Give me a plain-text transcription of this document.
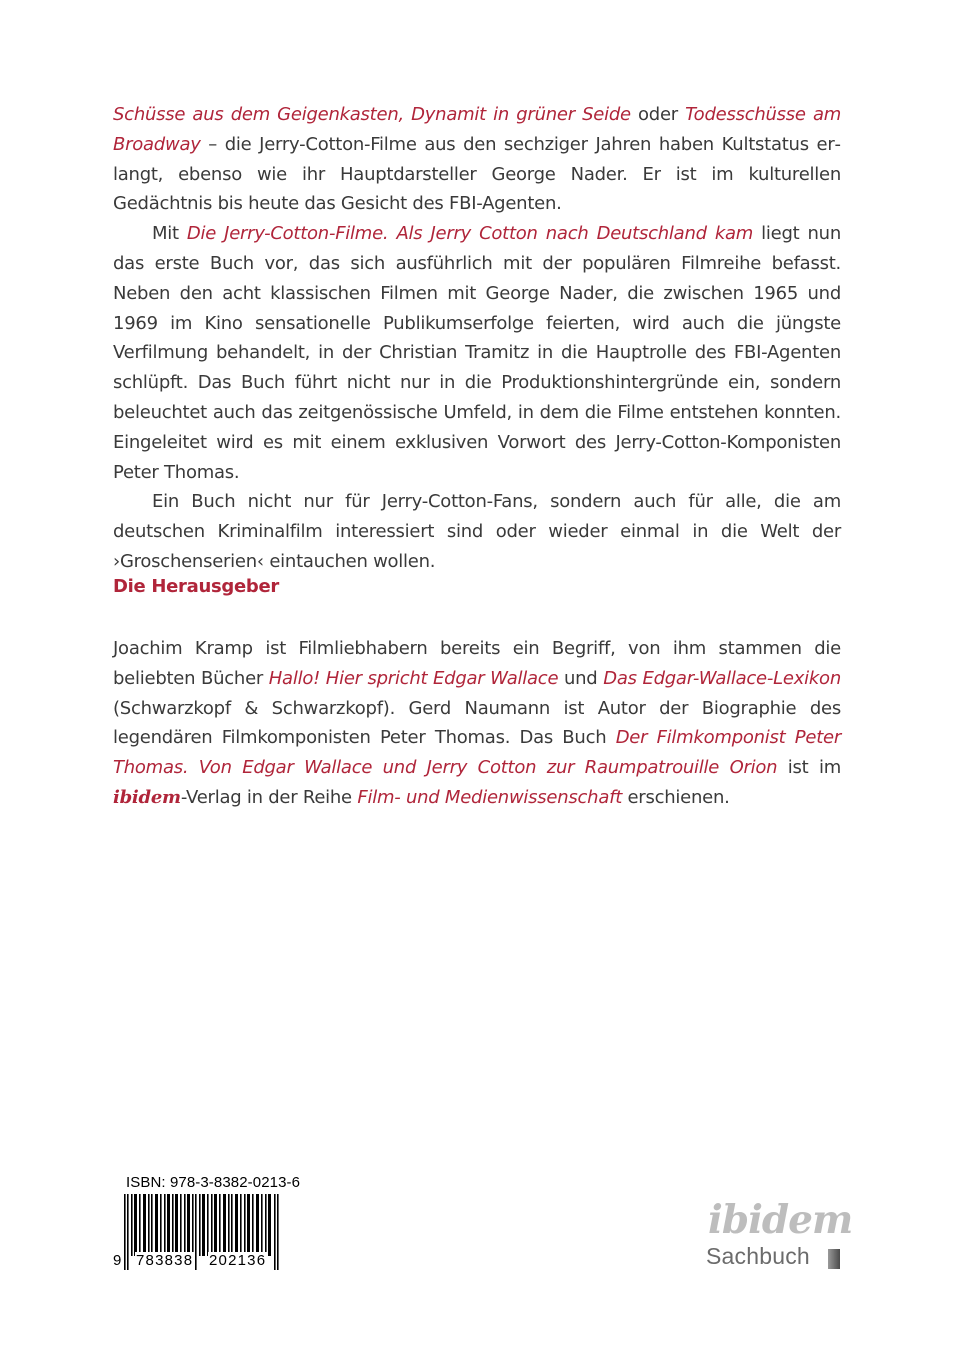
Schüsse aus dem Geigenkasten, Dynamit in grüner Seide oder Todesschüsse am Broadway – die Jerry-Cotton-Filme aus den sechziger Jahren haben Kultstatus erlangt, ebenso wie ihr Hauptdarsteller George Nader. Er ist im kulturellen Gedächtnis bis heute das Gesicht des FBI-Agenten.

Mit Die Jerry-Cotton-Filme. Als Jerry Cotton nach Deutschland kam liegt nun das erste Buch vor, das sich ausführlich mit der populären Filmreihe befasst. Neben den acht klassischen Filmen mit George Nader, die zwischen 1965 und 1969 im Kino sensationelle Publikumserfolge feierten, wird auch die jüngste Verfilmung behandelt, in der Christian Tramitz in die Hauptrolle des FBI-Agenten schlüpft. Das Buch führt nicht nur in die Produktionshintergründe ein, sondern beleuchtet auch das zeitgenössische Umfeld, in dem die Filme entstehen konnten. Eingeleitet wird es mit einem exklusiven Vorwort des Jerry-Cotton-Komponisten Peter Thomas.

Ein Buch nicht nur für Jerry-Cotton-Fans, sondern auch für alle, die am deutschen Kriminalfilm interessiert sind oder wieder einmal in die Welt der ›Groschenserien‹ eintauchen wollen.

Die Herausgeber

Joachim Kramp ist Filmliebhabern bereits ein Begriff, von ihm stammen die beliebten Bücher Hallo! Hier spricht Edgar Wallace und Das Edgar-Wallace-Lexikon (Schwarzkopf & Schwarzkopf). Gerd Naumann ist Autor der Biographie des legendären Filmkomponisten Peter Thomas. Das Buch Der Filmkomponist Peter Thomas. Von Edgar Wallace und Jerry Cotton zur Raumpatrouille Orion ist im ibidem-Verlag in der Reihe Film- und Medienwissenschaft erschienen.

ISBN: 978-3-8382-0213-6
9 783838 202136
ibidem
Sachbuch
